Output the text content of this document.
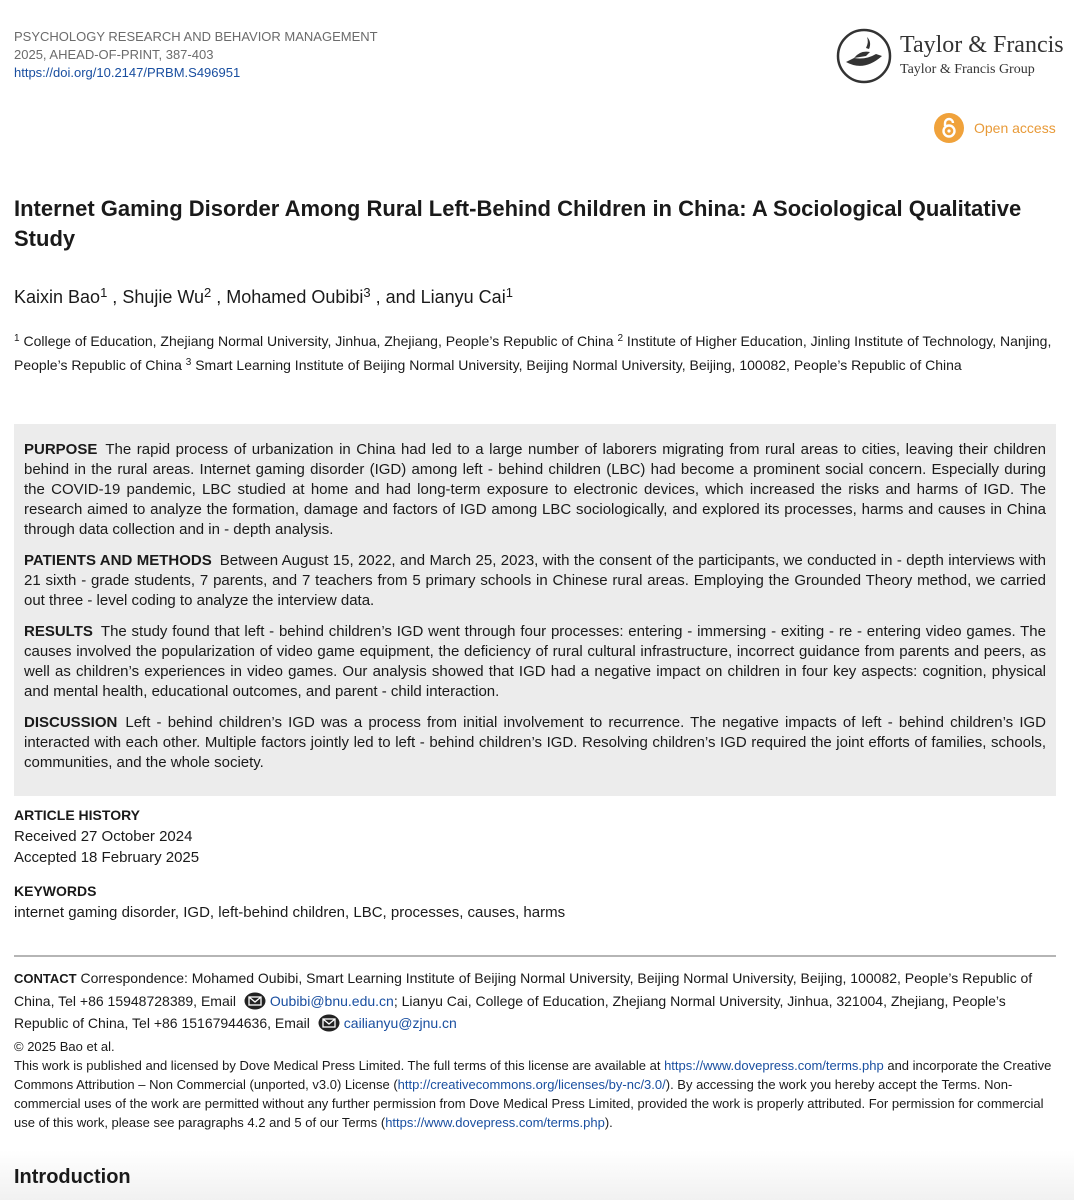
PSYCHOLOGY RESEARCH AND BEHAVIOR MANAGEMENT
2025, AHEAD-OF-PRINT, 387-403
https://doi.org/10.2147/PRBM.S496951
Taylor & Francis
Taylor & Francis Group
Open access
Internet Gaming Disorder Among Rural Left-Behind Children in China: A Sociological Qualitative Study
Kaixin Bao$^1$ , Shujie Wu$^2$ , Mohamed Oubibi$^3$ , and Lianyu Cai$^1$
$^1$ College of Education, Zhejiang Normal University, Jinhua, Zhejiang, People’s Republic of China $^2$ Institute of Higher Education, Jinling Institute of Technology, Nanjing, People’s Republic of China $^3$ Smart Learning Institute of Beijing Normal University, Beijing Normal University, Beijing, 100082, People’s Republic of China

PURPOSE The rapid process of urbanization in China had led to a large number of laborers migrating from rural areas to cities, leaving their children behind in the rural areas. Internet gaming disorder (IGD) among left - behind children (LBC) had become a prominent social concern. Especially during the COVID-19 pandemic, LBC studied at home and had long-term exposure to electronic devices, which increased the risks and harms of IGD. The research aimed to analyze the formation, damage and factors of IGD among LBC sociologically, and explored its processes, harms and causes in China through data collection and in - depth analysis.

PATIENTS AND METHODS Between August 15, 2022, and March 25, 2023, with the consent of the participants, we conducted in - depth interviews with 21 sixth - grade students, 7 parents, and 7 teachers from 5 primary schools in Chinese rural areas. Employing the Grounded Theory method, we carried out three - level coding to analyze the interview data.

RESULTS The study found that left - behind children’s IGD went through four processes: entering - immersing - exiting - re - entering video games. The causes involved the popularization of video game equipment, the deficiency of rural cultural infrastructure, incorrect guidance from parents and peers, as well as children’s experiences in video games. Our analysis showed that IGD had a negative impact on children in four key aspects: cognition, physical and mental health, educational outcomes, and parent - child interaction.

DISCUSSION Left - behind children’s IGD was a process from initial involvement to recurrence. The negative impacts of left - behind children’s IGD interacted with each other. Multiple factors jointly led to left - behind children’s IGD. Resolving children’s IGD required the joint efforts of families, schools, communities, and the whole society.

ARTICLE HISTORY
Received 27 October 2024
Accepted 18 February 2025
KEYWORDS
internet gaming disorder, IGD, left-behind children, LBC, processes, causes, harms
CONTACT Correspondence: Mohamed Oubibi, Smart Learning Institute of Beijing Normal University, Beijing Normal University, Beijing, 100082, People’s Republic of China, Tel +86 15948728389, Email Oubibi@bnu.edu.cn; Lianyu Cai, College of Education, Zhejiang Normal University, Jinhua, 321004, Zhejiang, People’s Republic of China, Tel +86 15167944636, Email cailianyu@zjnu.cn
© 2025 Bao et al.
This work is published and licensed by Dove Medical Press Limited. The full terms of this license are available at https://www.dovepress.com/terms.php and incorporate the Creative Commons Attribution – Non Commercial (unported, v3.0) License (http://creativecommons.org/licenses/by-nc/3.0/). By accessing the work you hereby accept the Terms. Non-commercial uses of the work are permitted without any further permission from Dove Medical Press Limited, provided the work is properly attributed. For permission for commercial use of this work, please see paragraphs 4.2 and 5 of our Terms (https://www.dovepress.com/terms.php).
Introduction
